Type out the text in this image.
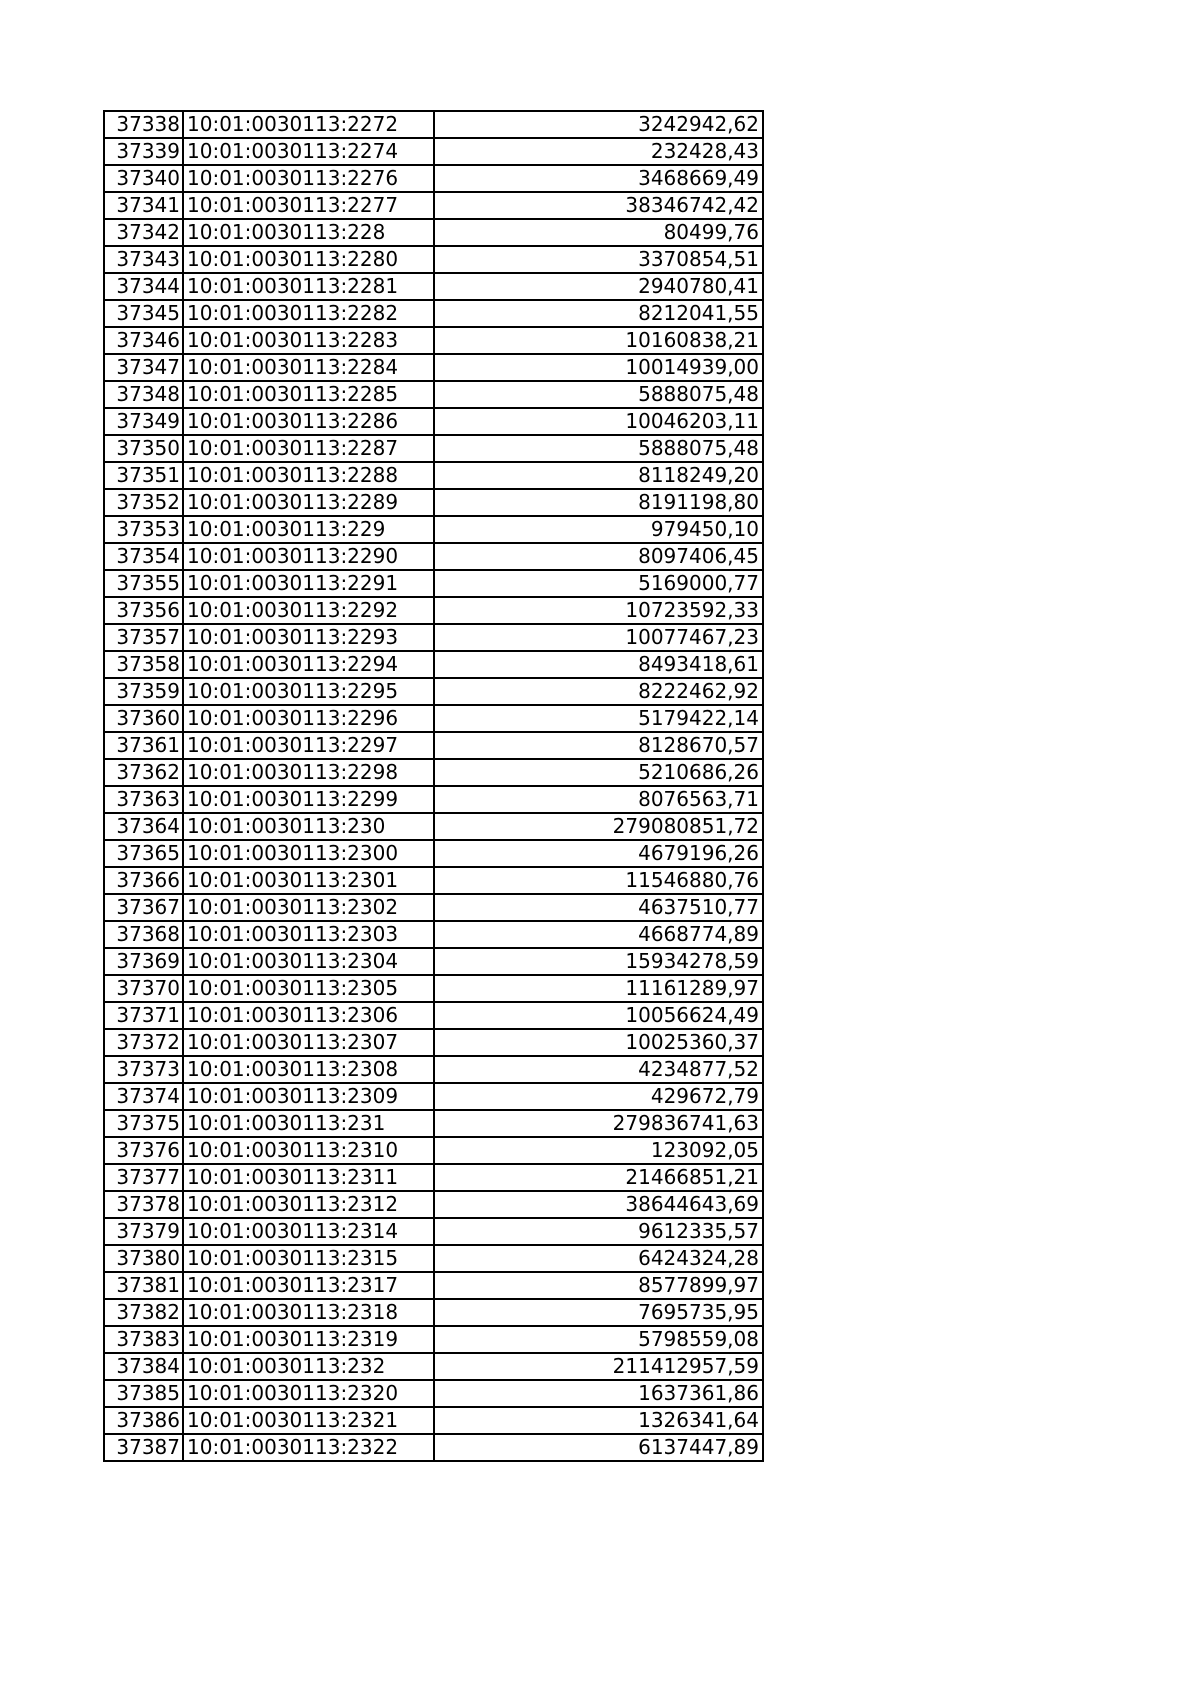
37338	10:01:0030113:2272	3242942,62
37339	10:01:0030113:2274	232428,43
37340	10:01:0030113:2276	3468669,49
37341	10:01:0030113:2277	38346742,42
37342	10:01:0030113:228	80499,76
37343	10:01:0030113:2280	3370854,51
37344	10:01:0030113:2281	2940780,41
37345	10:01:0030113:2282	8212041,55
37346	10:01:0030113:2283	10160838,21
37347	10:01:0030113:2284	10014939,00
37348	10:01:0030113:2285	5888075,48
37349	10:01:0030113:2286	10046203,11
37350	10:01:0030113:2287	5888075,48
37351	10:01:0030113:2288	8118249,20
37352	10:01:0030113:2289	8191198,80
37353	10:01:0030113:229	979450,10
37354	10:01:0030113:2290	8097406,45
37355	10:01:0030113:2291	5169000,77
37356	10:01:0030113:2292	10723592,33
37357	10:01:0030113:2293	10077467,23
37358	10:01:0030113:2294	8493418,61
37359	10:01:0030113:2295	8222462,92
37360	10:01:0030113:2296	5179422,14
37361	10:01:0030113:2297	8128670,57
37362	10:01:0030113:2298	5210686,26
37363	10:01:0030113:2299	8076563,71
37364	10:01:0030113:230	279080851,72
37365	10:01:0030113:2300	4679196,26
37366	10:01:0030113:2301	11546880,76
37367	10:01:0030113:2302	4637510,77
37368	10:01:0030113:2303	4668774,89
37369	10:01:0030113:2304	15934278,59
37370	10:01:0030113:2305	11161289,97
37371	10:01:0030113:2306	10056624,49
37372	10:01:0030113:2307	10025360,37
37373	10:01:0030113:2308	4234877,52
37374	10:01:0030113:2309	429672,79
37375	10:01:0030113:231	279836741,63
37376	10:01:0030113:2310	123092,05
37377	10:01:0030113:2311	21466851,21
37378	10:01:0030113:2312	38644643,69
37379	10:01:0030113:2314	9612335,57
37380	10:01:0030113:2315	6424324,28
37381	10:01:0030113:2317	8577899,97
37382	10:01:0030113:2318	7695735,95
37383	10:01:0030113:2319	5798559,08
37384	10:01:0030113:232	211412957,59
37385	10:01:0030113:2320	1637361,86
37386	10:01:0030113:2321	1326341,64
37387	10:01:0030113:2322	6137447,89
